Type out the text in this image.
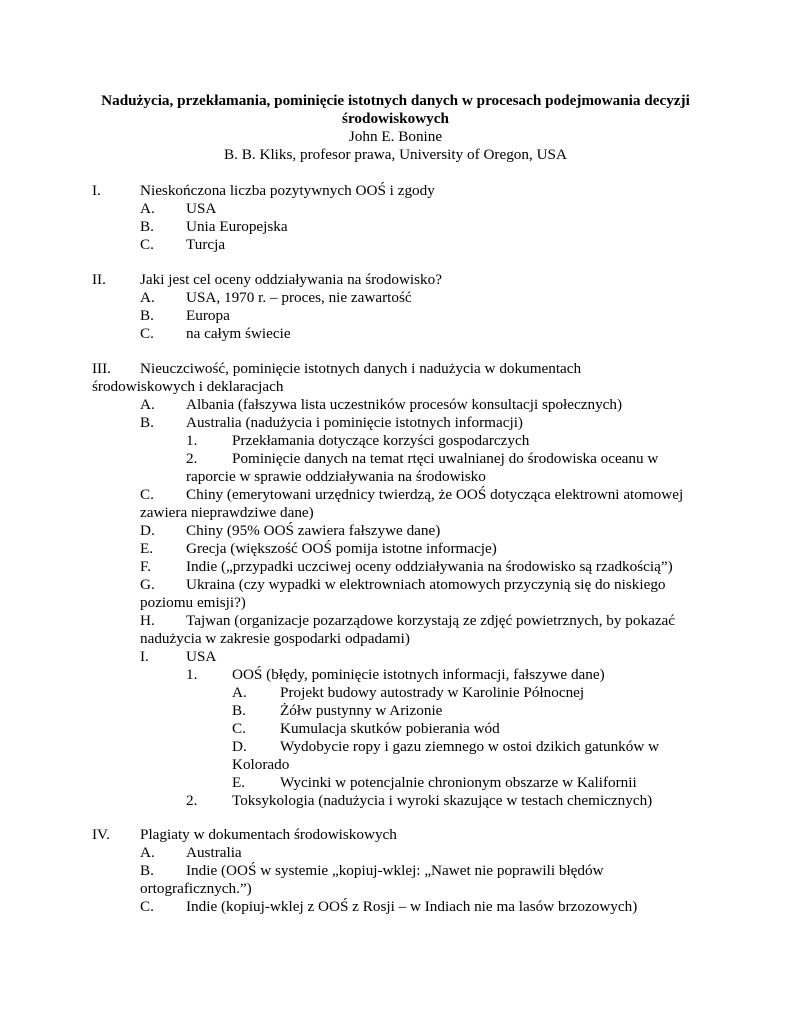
Nadużycia, przekłamania, pominięcie istotnych danych w procesach podejmowania decyzji
środowiskowych
John E. Bonine
B. B. Kliks, profesor prawa, University of Oregon, USA
I.	Nieskończona liczba pozytywnych OOŚ i zgody
A. USA
B. Unia Europejska
C. Turcja
II. Jaki jest cel oceny oddziaływania na środowisko?
A. USA, 1970 r. – proces, nie zawartość
B. Europa
C. na całym świecie
III. Nieuczciwość, pominięcie istotnych danych i nadużycia w dokumentach
środowiskowych i deklaracjach
A. Albania (fałszywa lista uczestników procesów konsultacji społecznych)
B. Australia (nadużycia i pominięcie istotnych informacji)
1. Przekłamania dotyczące korzyści gospodarczych
2. Pominięcie danych na temat rtęci uwalnianej do środowiska oceanu w
raporcie w sprawie oddziaływania na środowisko
C. Chiny (emerytowani urzędnicy twierdzą, że OOŚ dotycząca elektrowni atomowej
zawiera nieprawdziwe dane)
D. Chiny (95% OOŚ zawiera fałszywe dane)
E. Grecja (większość OOŚ pomija istotne informacje)
F. Indie („przypadki uczciwej oceny oddziaływania na środowisko są rzadkością”)
G. Ukraina (czy wypadki w elektrowniach atomowych przyczynią się do niskiego
poziomu emisji?)
H. Tajwan (organizacje pozarządowe korzystają ze zdjęć powietrznych, by pokazać
nadużycia w zakresie gospodarki odpadami)
I. USA
1. OOŚ (błędy, pominięcie istotnych informacji, fałszywe dane)
A. Projekt budowy autostrady w Karolinie Północnej
B. Żółw pustynny w Arizonie
C. Kumulacja skutków pobierania wód
D. Wydobycie ropy i gazu ziemnego w ostoi dzikich gatunków w
Kolorado
E. Wycinki w potencjalnie chronionym obszarze w Kalifornii
2. Toksykologia (nadużycia i wyroki skazujące w testach chemicznych)
IV. Plagiaty w dokumentach środowiskowych
A. Australia
B. Indie (OOŚ w systemie „kopiuj-wklej: „Nawet nie poprawili błędów
ortograficznych.”)
C. Indie (kopiuj-wklej z OOŚ z Rosji – w Indiach nie ma lasów brzozowych)
